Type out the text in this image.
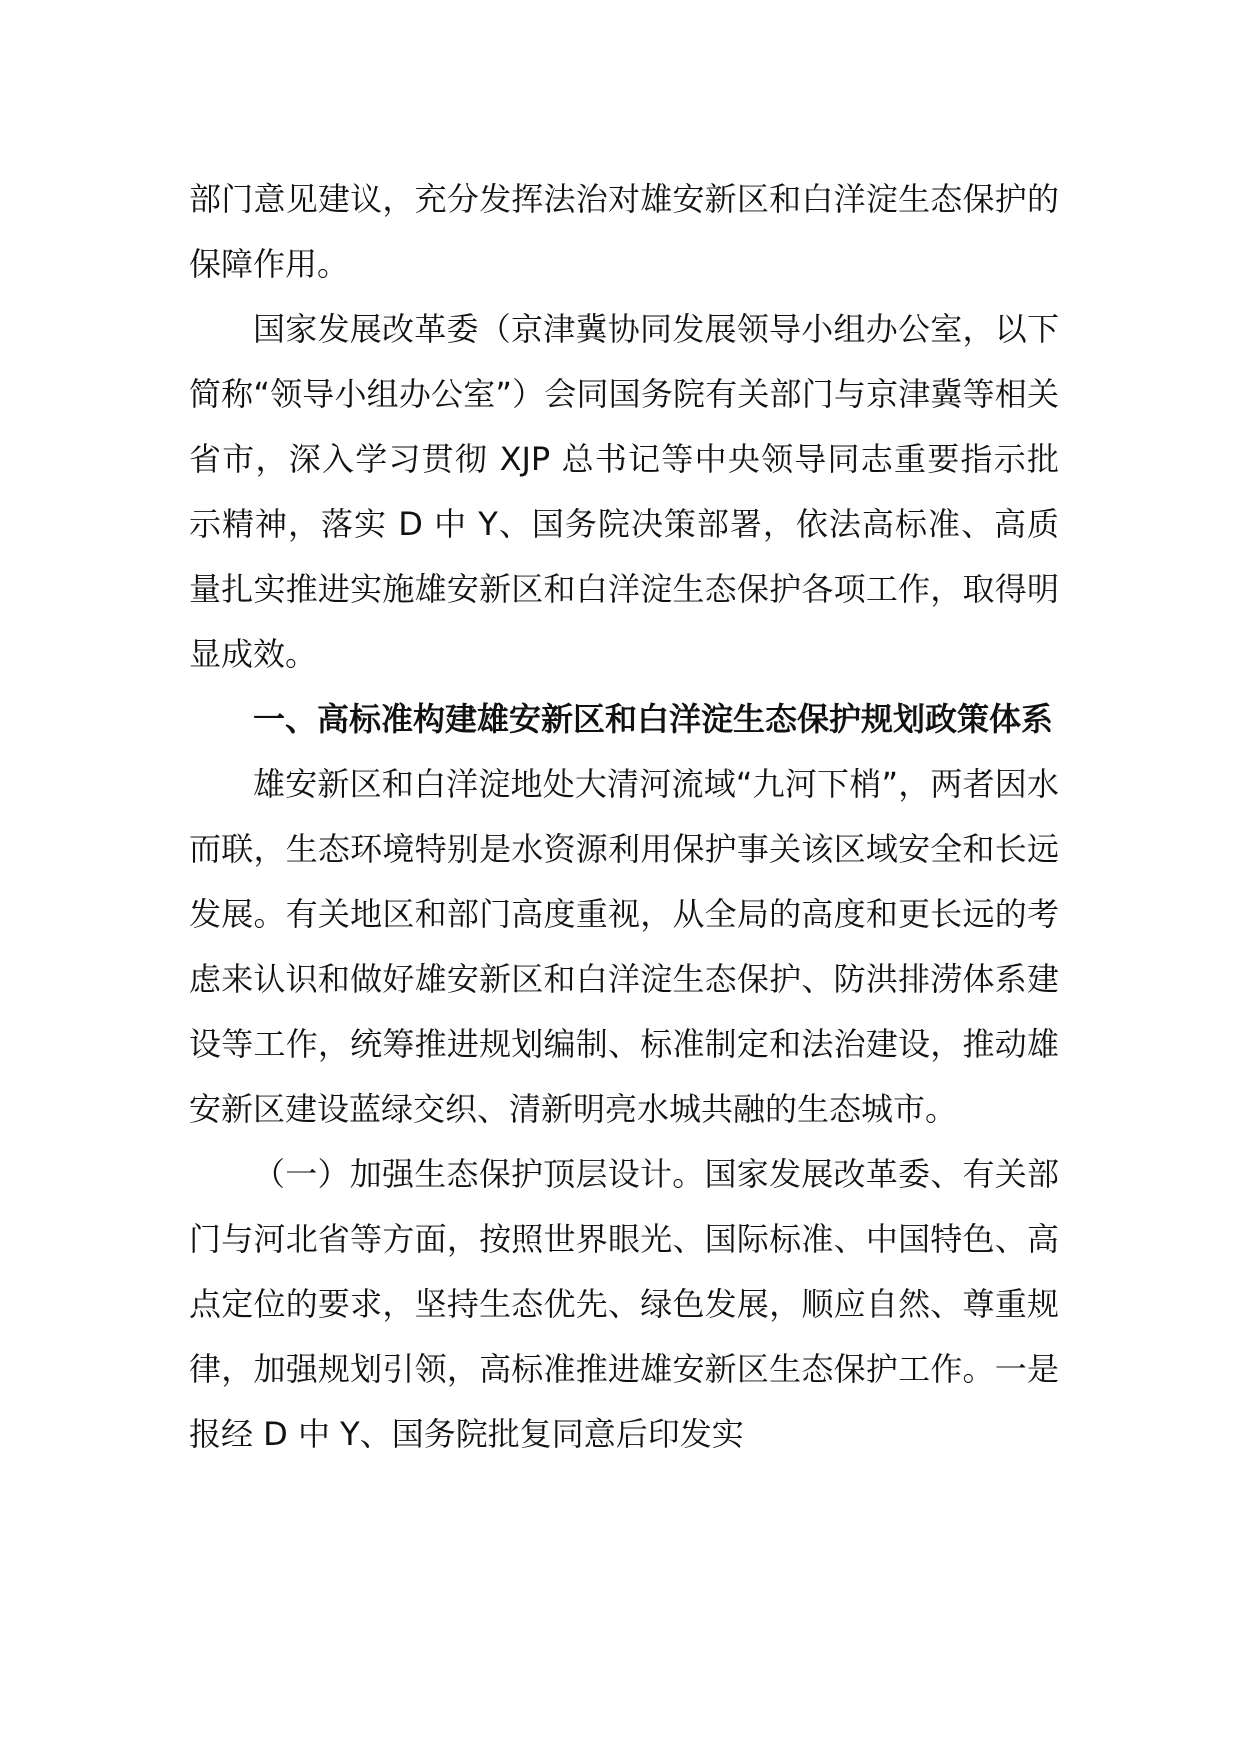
部门意见建议，充分发挥法治对雄安新区和白洋淀生态保护的保障作用。

国家发展改革委（京津冀协同发展领导小组办公室，以下简称“领导小组办公室”）会同国务院有关部门与京津冀等相关省市，深入学习贯彻 XJP 总书记等中央领导同志重要指示批示精神，落实 D 中 Y、国务院决策部署，依法高标准、高质量扎实推进实施雄安新区和白洋淀生态保护各项工作，取得明显成效。

一、高标准构建雄安新区和白洋淀生态保护规划政策体系

雄安新区和白洋淀地处大清河流域“九河下梢”，两者因水而联，生态环境特别是水资源利用保护事关该区域安全和长远发展。有关地区和部门高度重视，从全局的高度和更长远的考虑来认识和做好雄安新区和白洋淀生态保护、防洪排涝体系建设等工作，统筹推进规划编制、标准制定和法治建设，推动雄安新区建设蓝绿交织、清新明亮水城共融的生态城市。

（一）加强生态保护顶层设计。国家发展改革委、有关部门与河北省等方面，按照世界眼光、国际标准、中国特色、高点定位的要求，坚持生态优先、绿色发展，顺应自然、尊重规律，加强规划引领，高标准推进雄安新区生态保护工作。一是报经 D 中 Y、国务院批复同意后印发实
